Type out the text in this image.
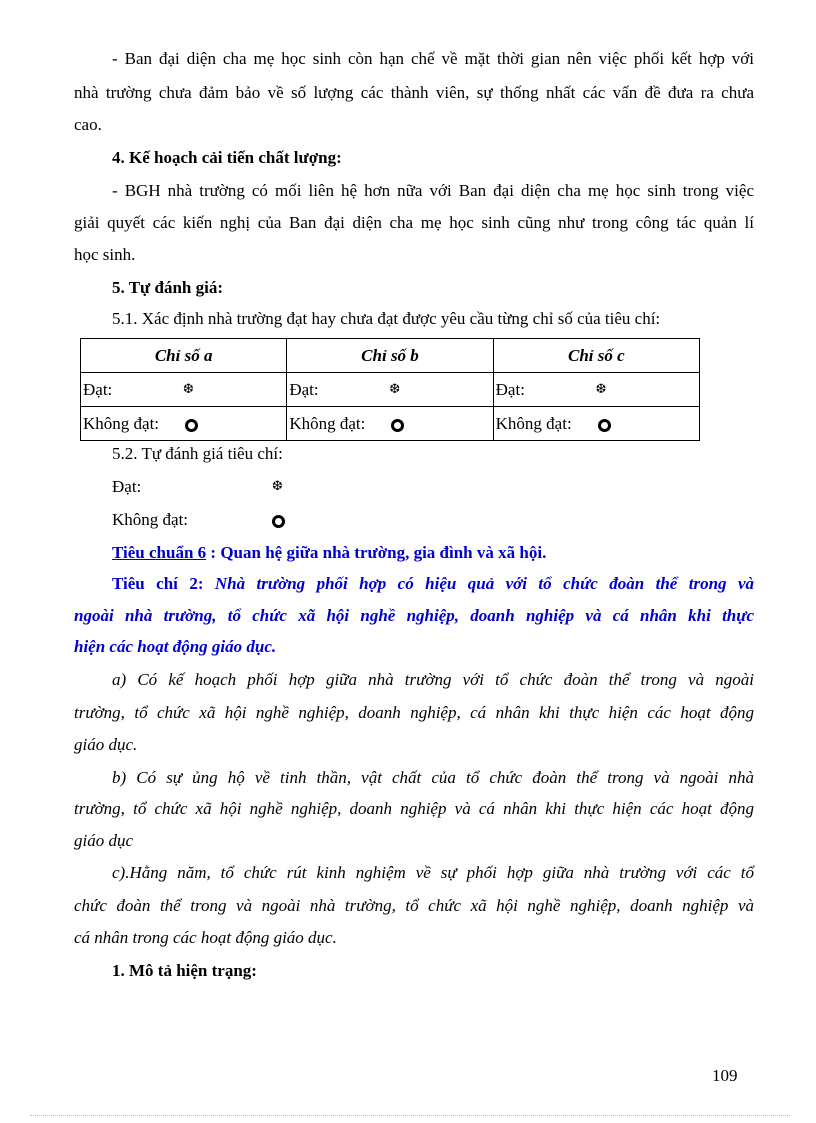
- Ban đại diện cha mẹ học sinh còn hạn chế về mặt thời gian nên việc phối kết hợp với
nhà trường chưa đảm bảo về số lượng các thành viên, sự thống nhất các vấn đề đưa ra chưa
cao.
4. Kế hoạch cải tiến chất lượng:
- BGH nhà trường có mối liên hệ hơn nữa với Ban đại diện cha mẹ học sinh trong việc
giải quyết các kiến nghị của Ban đại diện cha mẹ học sinh cũng như trong công tác quản lí
học sinh.
5. Tự đánh giá:
5.1. Xác định nhà trường đạt hay chưa đạt được yêu cầu từng chỉ số của tiêu chí:
Chỉ số a	Chỉ số b	Chỉ số c

Đạt: ❆	Đạt: ❆	Đạt: ❆

Không đạt:	Không đạt:	Không đạt:
5.2. Tự đánh giá tiêu chí:
Đạt:	❆
Không đạt:
Tiêu chuẩn 6 : Quan hệ giữa nhà trường, gia đình và xã hội.
Tiêu chí 2: Nhà trường phối hợp có hiệu quả với tổ chức đoàn thể trong và
ngoài nhà trường, tổ chức xã hội nghề nghiệp, doanh nghiệp và cá nhân khi thực
hiện các hoạt động giáo dục.
a) Có kế hoạch phối hợp giữa nhà trường với tổ chức đoàn thể trong và ngoài
trường, tổ chức xã hội nghề nghiệp, doanh nghiệp, cá nhân khi thực hiện các hoạt động
giáo dục.
b) Có sự ủng hộ về tinh thần, vật chất của tổ chức đoàn thể trong và ngoài nhà
trường, tổ chức xã hội nghề nghiệp, doanh nghiệp và cá nhân khi thực hiện các hoạt động
giáo dục
c).Hằng năm, tổ chức rút kinh nghiệm về sự phối hợp giữa nhà trường với các tổ
chức đoàn thể trong và ngoài nhà trường, tổ chức xã hội nghề nghiệp, doanh nghiệp và
cá nhân trong các hoạt động giáo dục.
1. Mô tả hiện trạng:
109
